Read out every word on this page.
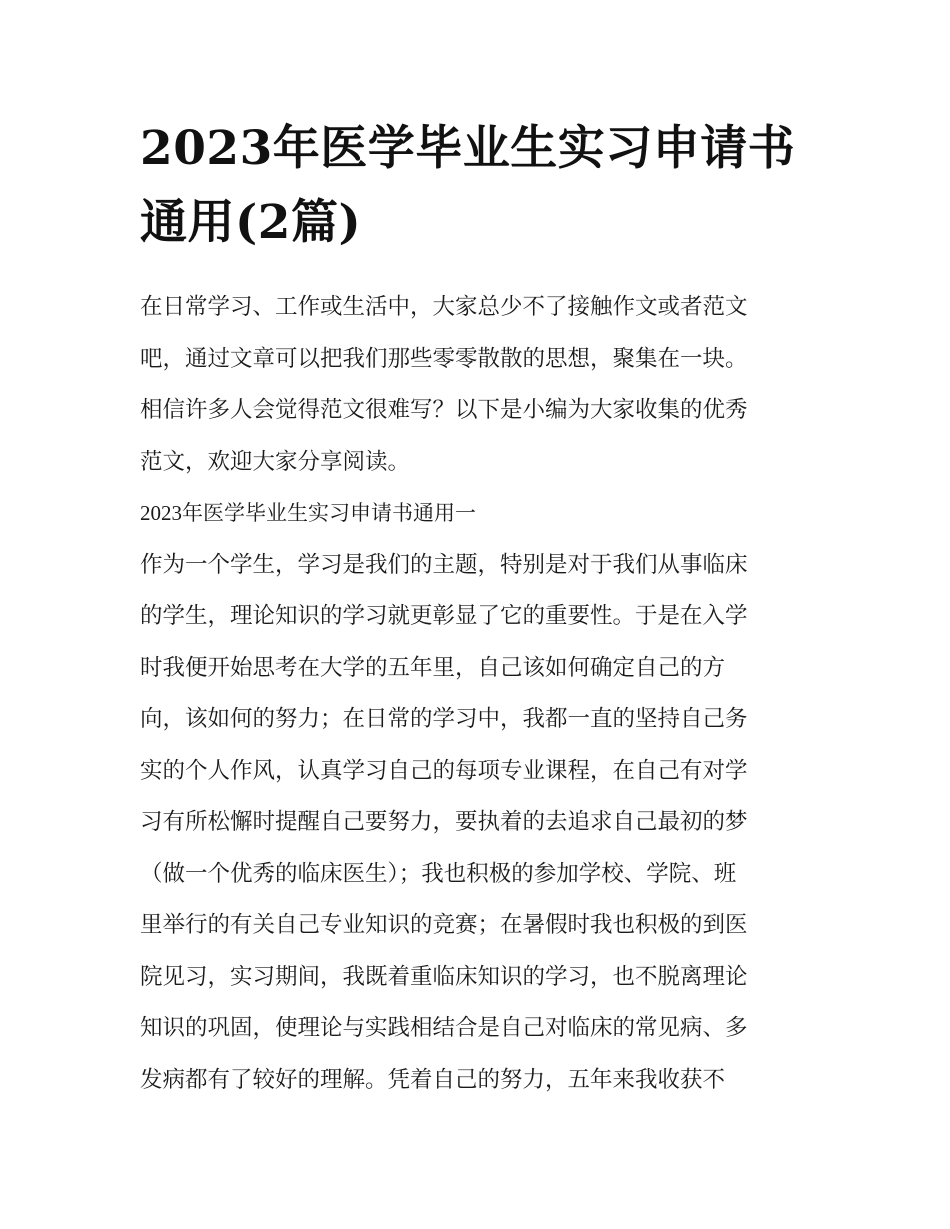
2023年医学毕业生实习申请书
通用(2篇)

在日常学习、工作或生活中，大家总少不了接触作文或者范文
吧，通过文章可以把我们那些零零散散的思想，聚集在一块。
相信许多人会觉得范文很难写？以下是小编为大家收集的优秀
范文，欢迎大家分享阅读。

2023年医学毕业生实习申请书通用一

作为一个学生，学习是我们的主题，特别是对于我们从事临床
的学生，理论知识的学习就更彰显了它的重要性。于是在入学
时我便开始思考在大学的五年里，自己该如何确定自己的方
向，该如何的努力；在日常的学习中，我都一直的坚持自己务
实的个人作风，认真学习自己的每项专业课程，在自己有对学
习有所松懈时提醒自己要努力，要执着的去追求自己最初的梦
（做一个优秀的临床医生）；我也积极的参加学校、学院、班
里举行的有关自己专业知识的竞赛；在暑假时我也积极的到医
院见习，实习期间，我既着重临床知识的学习，也不脱离理论
知识的巩固，使理论与实践相结合是自己对临床的常见病、多
发病都有了较好的理解。凭着自己的努力，五年来我收获不
